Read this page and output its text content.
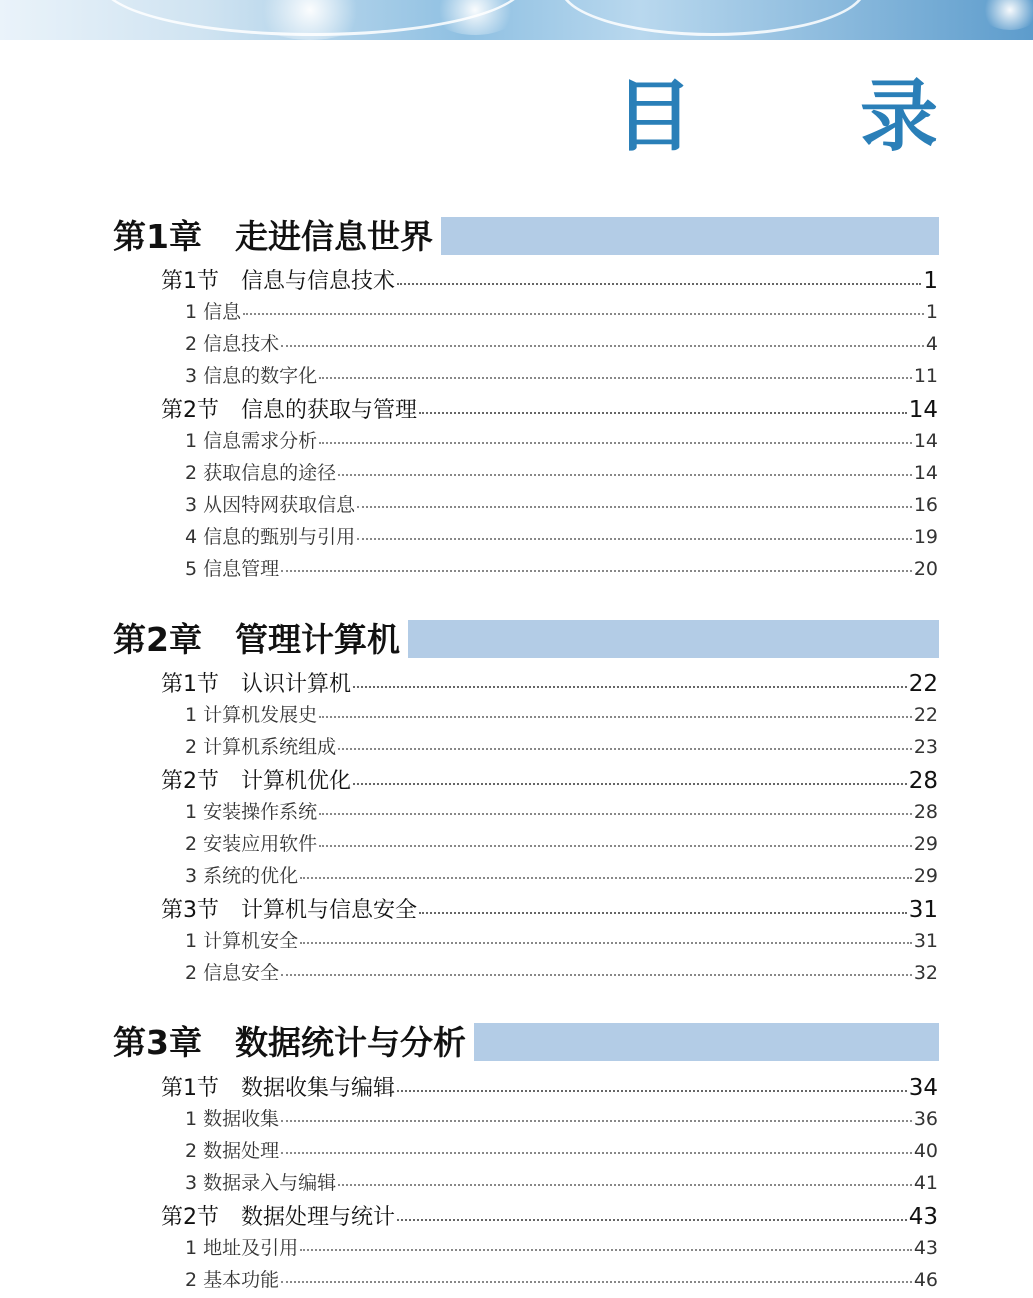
目 录
第1章　走进信息世界
第1节　信息与信息技术	1
1 信息	1
2 信息技术	4
3 信息的数字化	11
第2节　信息的获取与管理	14
1 信息需求分析	14
2 获取信息的途径	14
3 从因特网获取信息	16
4 信息的甄别与引用	19
5 信息管理	20
第2章　管理计算机
第1节　认识计算机	22
1 计算机发展史	22
2 计算机系统组成	23
第2节　计算机优化	28
1 安装操作系统	28
2 安装应用软件	29
3 系统的优化	29
第3节　计算机与信息安全	31
1 计算机安全	31
2 信息安全	32
第3章　数据统计与分析
第1节　数据收集与编辑	34
1 数据收集	36
2 数据处理	40
3 数据录入与编辑	41
第2节　数据处理与统计	43
1 地址及引用	43
2 基本功能	46
